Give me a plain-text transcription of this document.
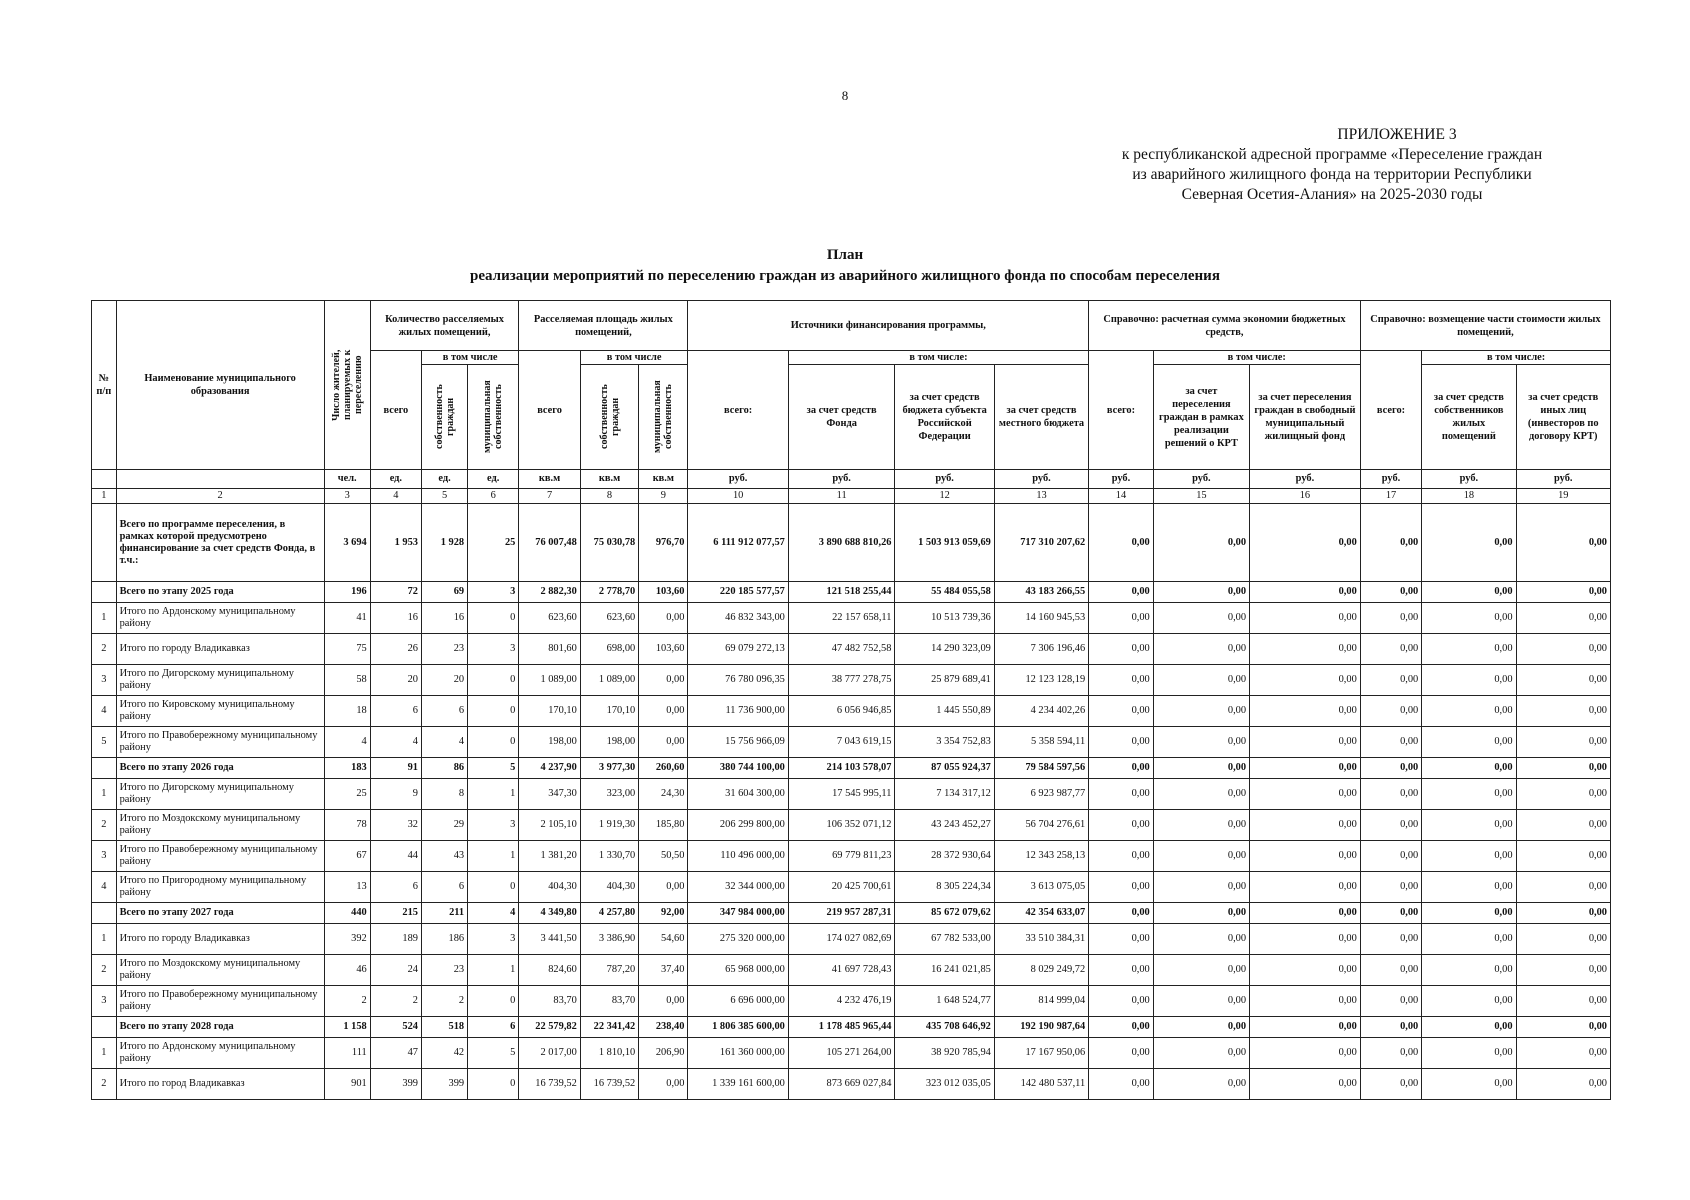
8
ПРИЛОЖЕНИЕ 3
к республиканской адресной программе «Переселение граждан
из аварийного жилищного фонда на территории Республики
Северная Осетия-Алания» на 2025-2030 годы
План
реализации мероприятий по переселению граждан из аварийного жилищного фонда по способам переселения
№ п/п	Наименование муниципального образования	Число жителей, планируемых к переселению	Количество расселяемых жилых помещений,			Расселяемая площадь жилых помещений,			Источники финансирования программы,				Справочно: расчетная сумма экономии бюджетных средств,			Справочно: возмещение части стоимости жилых помещений,		
			всего	в том числе		всего	в том числе		всего:	в том числе:			всего:	в том числе:		всего:	в том числе:	

				собственность граждан	муниципальная собственность		собственность граждан	муниципальная собственность		за счет средств Фонда	за счет средств бюджета субъекта Российской Федерации	за счет средств местного бюджета		за счет переселения граждан в рамках реализации решений о КРТ	за счет переселения граждан в свободный муниципальный жилищный фонд		за счет средств собственников жилых помещений	за счет средств иных лиц (инвесторов по договору КРТ)
		чел.	ед.	ед.	ед.	кв.м	кв.м	кв.м	руб.	руб.	руб.	руб.	руб.	руб.	руб.	руб.	руб.	руб.
1	2	3	4	5	6	7	8	9	10	11	12	13	14	15	16	17	18	19
	Всего по программе переселения, в рамках которой предусмотрено финансирование за счет средств Фонда, в т.ч.:	3 694	1 953	1 928	25	76 007,48	75 030,78	976,70	6 111 912 077,57	3 890 688 810,26	1 503 913 059,69	717 310 207,62	0,00	0,00	0,00	0,00	0,00	0,00
	Всего по этапу 2025 года	196	72	69	3	2 882,30	2 778,70	103,60	220 185 577,57	121 518 255,44	55 484 055,58	43 183 266,55	0,00	0,00	0,00	0,00	0,00	0,00
1	Итого по Ардонскому муниципальному району	41	16	16	0	623,60	623,60	0,00	46 832 343,00	22 157 658,11	10 513 739,36	14 160 945,53	0,00	0,00	0,00	0,00	0,00	0,00
2	Итого по городу Владикавказ	75	26	23	3	801,60	698,00	103,60	69 079 272,13	47 482 752,58	14 290 323,09	7 306 196,46	0,00	0,00	0,00	0,00	0,00	0,00
3	Итого по Дигорскому муниципальному району	58	20	20	0	1 089,00	1 089,00	0,00	76 780 096,35	38 777 278,75	25 879 689,41	12 123 128,19	0,00	0,00	0,00	0,00	0,00	0,00
4	Итого по Кировскому муниципальному району	18	6	6	0	170,10	170,10	0,00	11 736 900,00	6 056 946,85	1 445 550,89	4 234 402,26	0,00	0,00	0,00	0,00	0,00	0,00
5	Итого по Правобережному муниципальному району	4	4	4	0	198,00	198,00	0,00	15 756 966,09	7 043 619,15	3 354 752,83	5 358 594,11	0,00	0,00	0,00	0,00	0,00	0,00
	Всего по этапу 2026 года	183	91	86	5	4 237,90	3 977,30	260,60	380 744 100,00	214 103 578,07	87 055 924,37	79 584 597,56	0,00	0,00	0,00	0,00	0,00	0,00
1	Итого по Дигорскому муниципальному району	25	9	8	1	347,30	323,00	24,30	31 604 300,00	17 545 995,11	7 134 317,12	6 923 987,77	0,00	0,00	0,00	0,00	0,00	0,00
2	Итого по Моздокскому муниципальному району	78	32	29	3	2 105,10	1 919,30	185,80	206 299 800,00	106 352 071,12	43 243 452,27	56 704 276,61	0,00	0,00	0,00	0,00	0,00	0,00
3	Итого по Правобережному муниципальному району	67	44	43	1	1 381,20	1 330,70	50,50	110 496 000,00	69 779 811,23	28 372 930,64	12 343 258,13	0,00	0,00	0,00	0,00	0,00	0,00
4	Итого по Пригородному муниципальному району	13	6	6	0	404,30	404,30	0,00	32 344 000,00	20 425 700,61	8 305 224,34	3 613 075,05	0,00	0,00	0,00	0,00	0,00	0,00
	Всего по этапу 2027 года	440	215	211	4	4 349,80	4 257,80	92,00	347 984 000,00	219 957 287,31	85 672 079,62	42 354 633,07	0,00	0,00	0,00	0,00	0,00	0,00
1	Итого по городу Владикавказ	392	189	186	3	3 441,50	3 386,90	54,60	275 320 000,00	174 027 082,69	67 782 533,00	33 510 384,31	0,00	0,00	0,00	0,00	0,00	0,00
2	Итого по Моздокскому муниципальному району	46	24	23	1	824,60	787,20	37,40	65 968 000,00	41 697 728,43	16 241 021,85	8 029 249,72	0,00	0,00	0,00	0,00	0,00	0,00
3	Итого по Правобережному муниципальному району	2	2	2	0	83,70	83,70	0,00	6 696 000,00	4 232 476,19	1 648 524,77	814 999,04	0,00	0,00	0,00	0,00	0,00	0,00
	Всего по этапу 2028 года	1 158	524	518	6	22 579,82	22 341,42	238,40	1 806 385 600,00	1 178 485 965,44	435 708 646,92	192 190 987,64	0,00	0,00	0,00	0,00	0,00	0,00
1	Итого по Ардонскому муниципальному району	111	47	42	5	2 017,00	1 810,10	206,90	161 360 000,00	105 271 264,00	38 920 785,94	17 167 950,06	0,00	0,00	0,00	0,00	0,00	0,00
2	Итого по город Владикавказ	901	399	399	0	16 739,52	16 739,52	0,00	1 339 161 600,00	873 669 027,84	323 012 035,05	142 480 537,11	0,00	0,00	0,00	0,00	0,00	0,00
